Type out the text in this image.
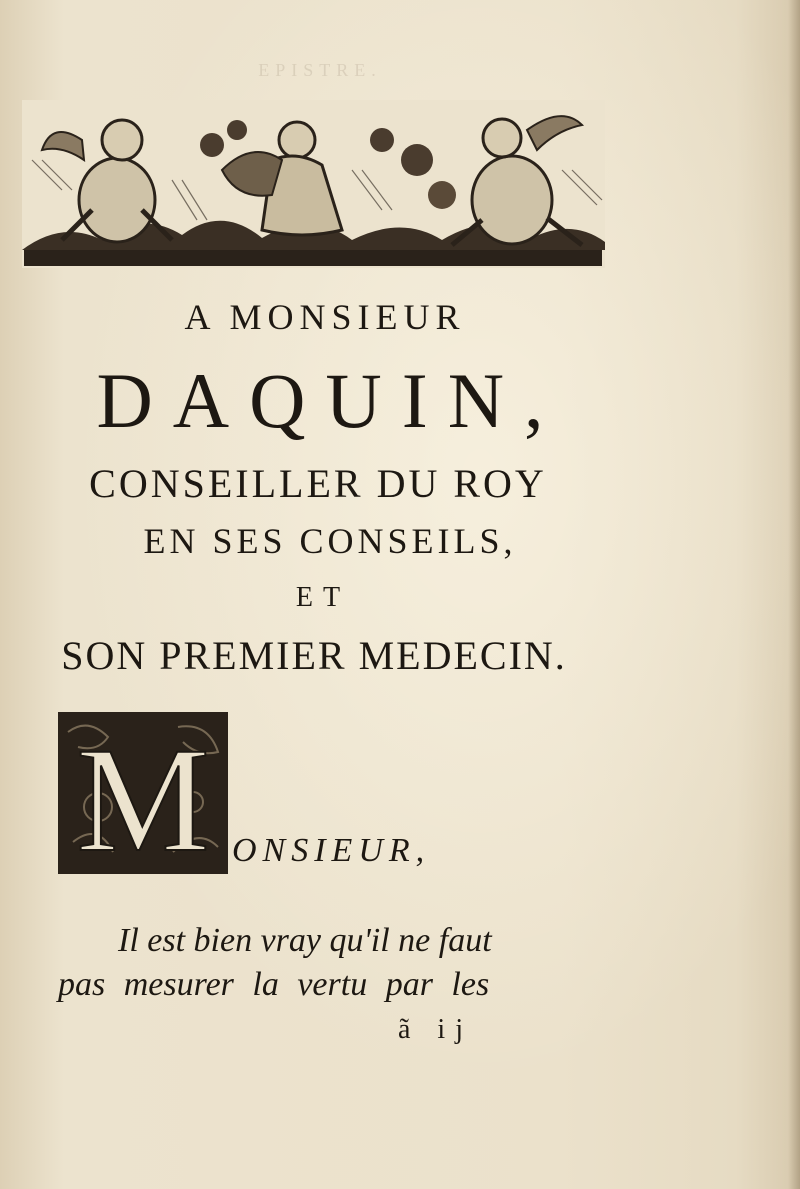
EPISTRE.
A MONSIEUR
DAQUIN,
CONSEILLER DU ROY
EN SES CONSEILS,
ET
SON PREMIER MEDECIN.
M ONSIEUR,

Il est bien vray qu'il ne faut

pas mesurer la vertu par les

ã ij
